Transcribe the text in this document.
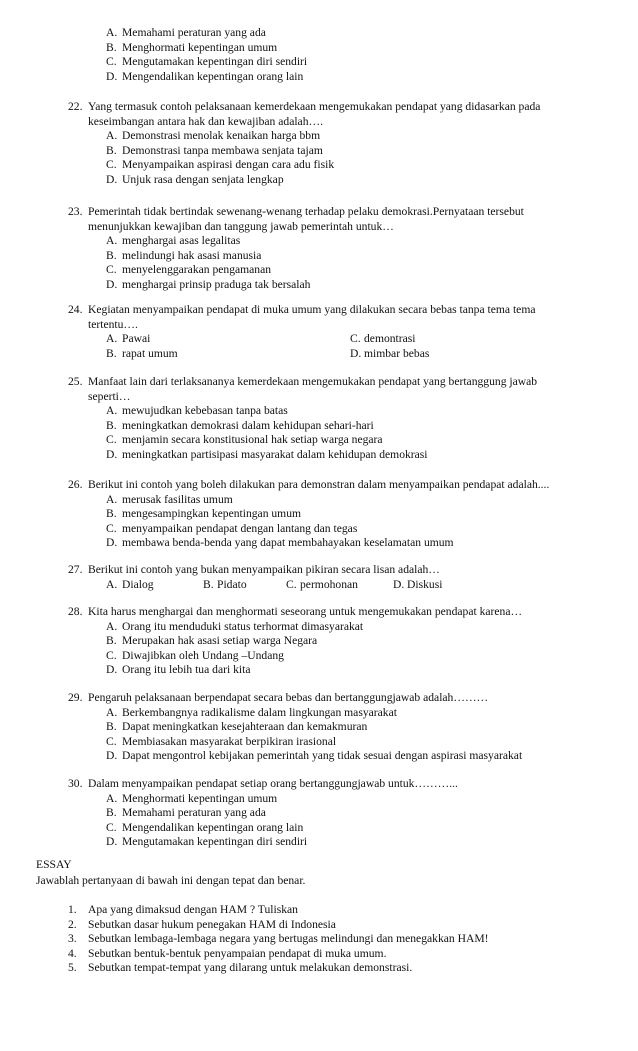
A. Memahami peraturan yang ada
B. Menghormati kepentingan umum
C. Mengutamakan kepentingan diri sendiri
D. Mengendalikan kepentingan orang lain
22. Yang termasuk contoh pelaksanaan kemerdekaan mengemukakan pendapat yang didasarkan pada
keseimbangan antara hak dan kewajiban adalah….
A. Demonstrasi menolak kenaikan harga bbm
B. Demonstrasi tanpa membawa senjata tajam
C. Menyampaikan aspirasi dengan cara adu fisik
D. Unjuk rasa dengan senjata lengkap
23. Pemerintah tidak bertindak sewenang-wenang terhadap pelaku demokrasi.Pernyataan tersebut
menunjukkan kewajiban dan tanggung jawab pemerintah untuk…
A. menghargai asas legalitas
B. melindungi hak asasi manusia
C. menyelenggarakan pengamanan
D. menghargai prinsip praduga tak bersalah
24. Kegiatan menyampaikan pendapat di muka umum yang dilakukan secara bebas tanpa tema tema
tertentu….
A. Pawai	C. demontrasi
B. rapat umum	D. mimbar bebas
25. Manfaat lain dari terlaksananya kemerdekaan mengemukakan pendapat yang bertanggung jawab
seperti…
A. mewujudkan kebebasan tanpa batas
B. meningkatkan demokrasi dalam kehidupan sehari-hari
C. menjamin secara konstitusional hak setiap warga negara
D. meningkatkan partisipasi masyarakat dalam kehidupan demokrasi
26. Berikut ini contoh yang boleh dilakukan para demonstran dalam menyampaikan pendapat adalah....
A. merusak fasilitas umum
B. mengesampingkan kepentingan umum
C. menyampaikan pendapat dengan lantang dan tegas
D. membawa benda-benda yang dapat membahayakan keselamatan umum
27. Berikut ini contoh yang bukan menyampaikan pikiran secara lisan adalah…
A. Dialog	B. Pidato	C. permohonan	D. Diskusi
28. Kita harus menghargai dan menghormati seseorang untuk mengemukakan pendapat karena…
A. Orang itu menduduki status terhormat dimasyarakat
B. Merupakan hak asasi setiap warga Negara
C. Diwajibkan oleh Undang –Undang
D. Orang itu lebih tua dari kita
29. Pengaruh pelaksanaan berpendapat secara bebas dan bertanggungjawab adalah………
A. Berkembangnya radikalisme dalam lingkungan masyarakat
B. Dapat meningkatkan kesejahteraan dan kemakmuran
C. Membiasakan masyarakat berpikiran irasional
D. Dapat mengontrol kebijakan pemerintah yang tidak sesuai dengan aspirasi masyarakat
30. Dalam menyampaikan pendapat setiap orang bertanggungjawab untuk………...
A. Menghormati kepentingan umum
B. Memahami peraturan yang ada
C. Mengendalikan kepentingan orang lain
D. Mengutamakan kepentingan diri sendiri
ESSAY
Jawablah pertanyaan di bawah ini dengan tepat dan benar.
1. Apa yang dimaksud dengan HAM ? Tuliskan
2. Sebutkan dasar hukum penegakan HAM di Indonesia
3. Sebutkan lembaga-lembaga negara yang bertugas melindungi dan menegakkan HAM!
4. Sebutkan bentuk-bentuk penyampaian pendapat di muka umum.
5. Sebutkan tempat-tempat yang dilarang untuk melakukan demonstrasi.
